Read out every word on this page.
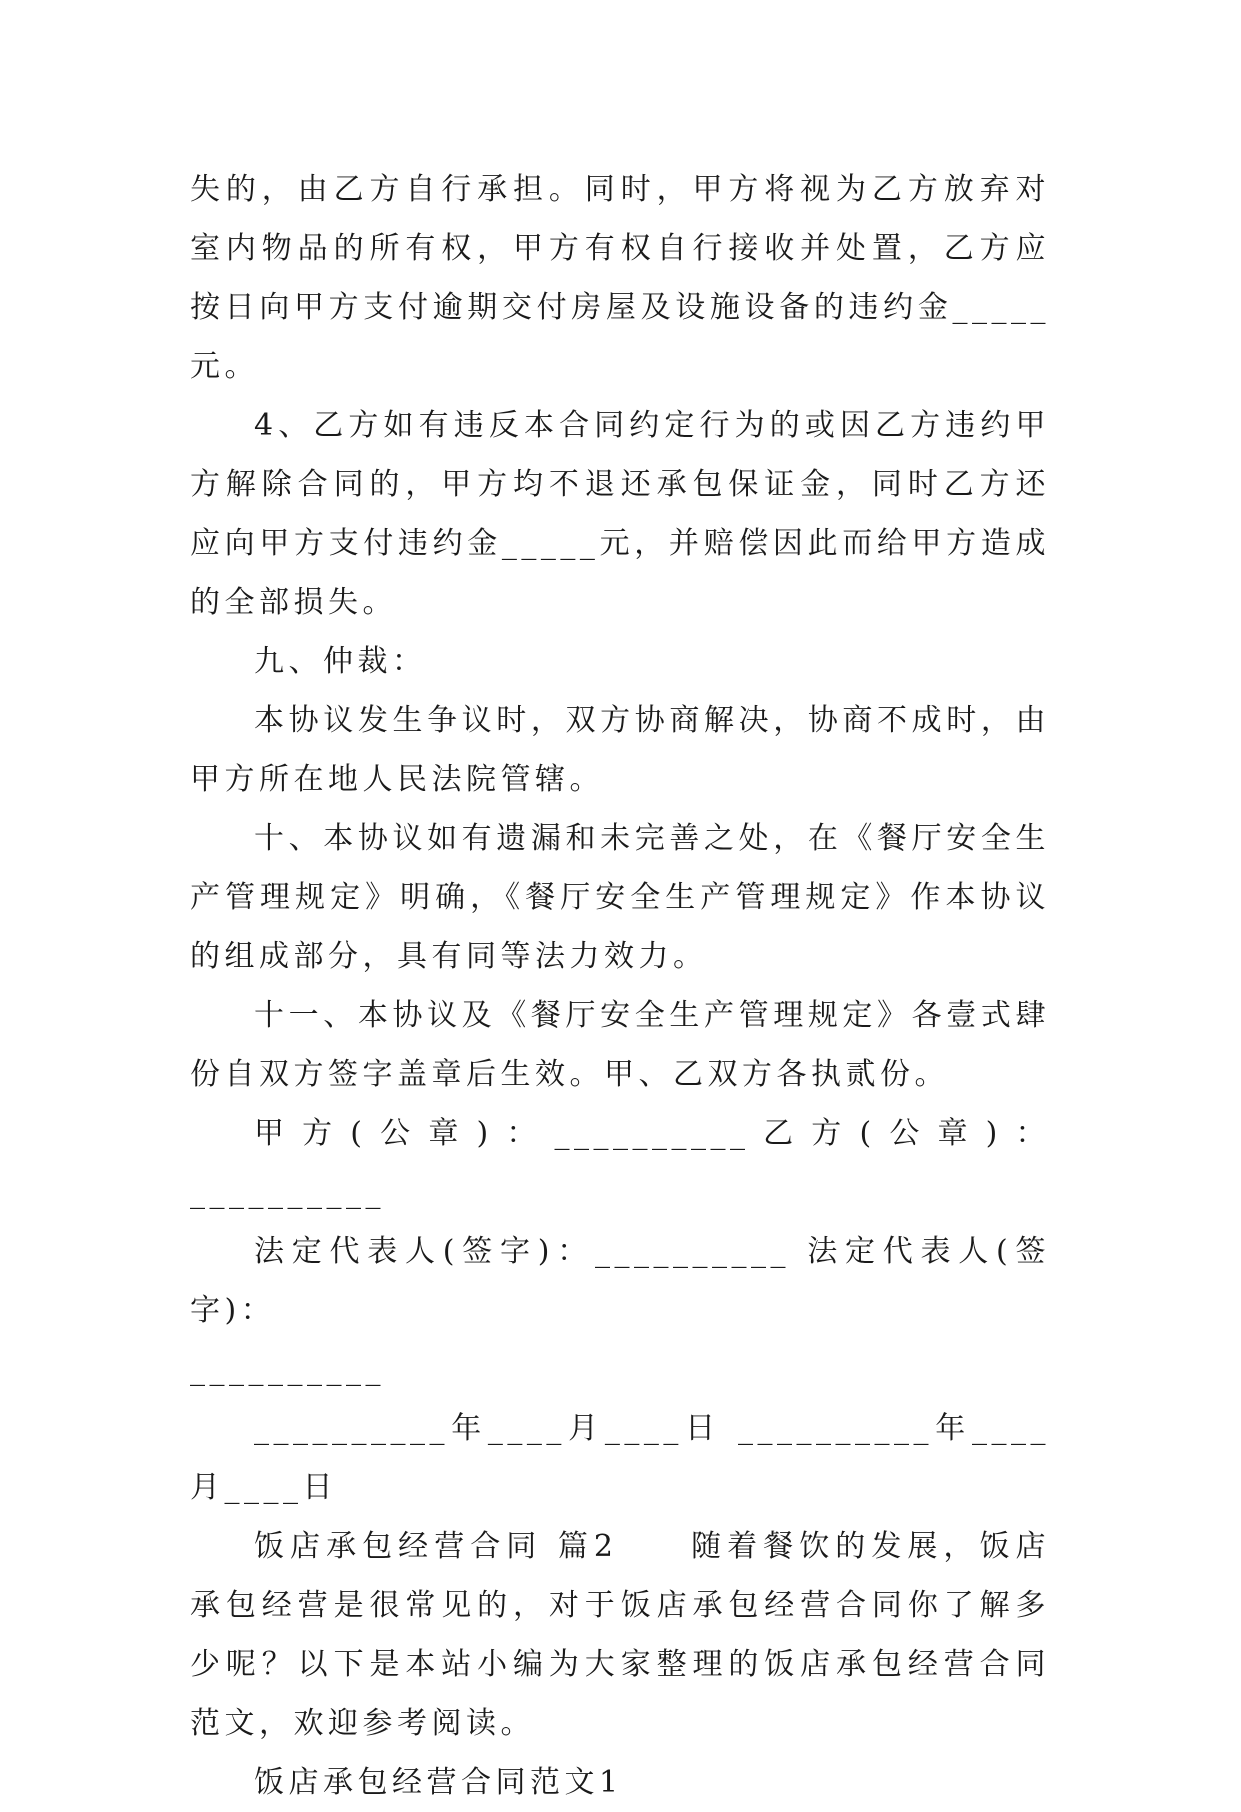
失的，由乙方自行承担。同时，甲方将视为乙方放弃对室内物品的所有权，甲方有权自行接收并处置，乙方应按日向甲方支付逾期交付房屋及设施设备的违约金_____元。

4、乙方如有违反本合同约定行为的或因乙方违约甲方解除合同的，甲方均不退还承包保证金，同时乙方还应向甲方支付违约金_____元，并赔偿因此而给甲方造成的全部损失。

九、仲裁：

本协议发生争议时，双方协商解决，协商不成时，由甲方所在地人民法院管辖。

十、本协议如有遗漏和未完善之处，在《餐厅安全生产管理规定》明确，《餐厅安全生产管理规定》作本协议的组成部分，具有同等法力效力。

十一、本协议及《餐厅安全生产管理规定》各壹式肆份自双方签字盖章后生效。甲、乙双方各执贰份。

甲方(公章)：__________乙方(公章)：__________

法定代表人(签字)：__________ 法定代表人(签字)：

__________

__________年____月____日 __________年____月____日

饭店承包经营合同 篇2　　随着餐饮的发展，饭店承包经营是很常见的，对于饭店承包经营合同你了解多少呢？以下是本站小编为大家整理的饭店承包经营合同范文，欢迎参考阅读。

饭店承包经营合同范文1
